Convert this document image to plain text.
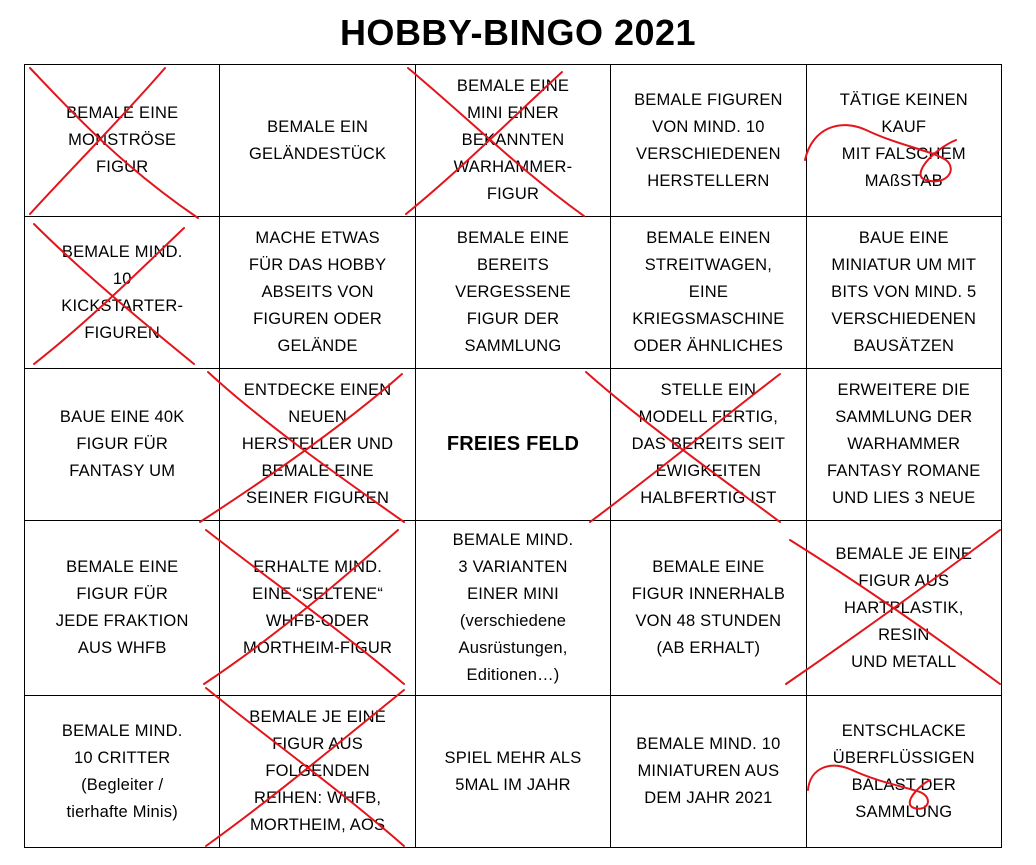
HOBBY-BINGO 2021
BEMALE EINE
MONSTRÖSE
FIGUR
BEMALE EIN
GELÄNDESTÜCK
BEMALE EINE
MINI EINER
BEKANNTEN
WARHAMMER-
FIGUR
BEMALE FIGUREN
VON MIND. 10
VERSCHIEDENEN
HERSTELLERN
TÄTIGE KEINEN KAUF
MIT FALSCHEM
MAßSTAB
BEMALE MIND.
10
KICKSTARTER-
FIGUREN
MACHE ETWAS
FÜR DAS HOBBY
ABSEITS VON
FIGUREN ODER
GELÄNDE
BEMALE EINE
BEREITS
VERGESSENE
FIGUR DER
SAMMLUNG
BEMALE EINEN
STREITWAGEN,
EINE
KRIEGSMASCHINE
ODER ÄHNLICHES
BAUE EINE
MINIATUR UM MIT
BITS VON MIND. 5
VERSCHIEDENEN
BAUSÄTZEN
BAUE EINE 40K
FIGUR FÜR
FANTASY UM
ENTDECKE EINEN
NEUEN
HERSTELLER UND
BEMALE EINE
SEINER FIGUREN
FREIES FELD
STELLE EIN
MODELL FERTIG,
DAS BEREITS SEIT
EWIGKEITEN
HALBFERTIG IST
ERWEITERE DIE
SAMMLUNG DER
WARHAMMER
FANTASY ROMANE
UND LIES 3 NEUE
BEMALE EINE
FIGUR FÜR
JEDE FRAKTION
AUS WHFB
ERHALTE MIND.
EINE “SELTENE“
WHFB-ODER
MORTHEIM-FIGUR
BEMALE MIND.
3 VARIANTEN
EINER MINI
(verschiedene
Ausrüstungen,
Editionen…)
BEMALE EINE
FIGUR INNERHALB
VON 48 STUNDEN
(AB ERHALT)
BEMALE JE EINE
FIGUR AUS
HARTPLASTIK, RESIN
UND METALL
BEMALE MIND.
10 CRITTER
(Begleiter /
tierhafte Minis)
BEMALE JE EINE
FIGUR AUS
FOLGENDEN
REIHEN: WHFB,
MORTHEIM, AOS
SPIEL MEHR ALS
5MAL IM JAHR
BEMALE MIND. 10
MINIATUREN AUS
DEM JAHR 2021
ENTSCHLACKE
ÜBERFLÜSSIGEN
BALAST DER
SAMMLUNG
